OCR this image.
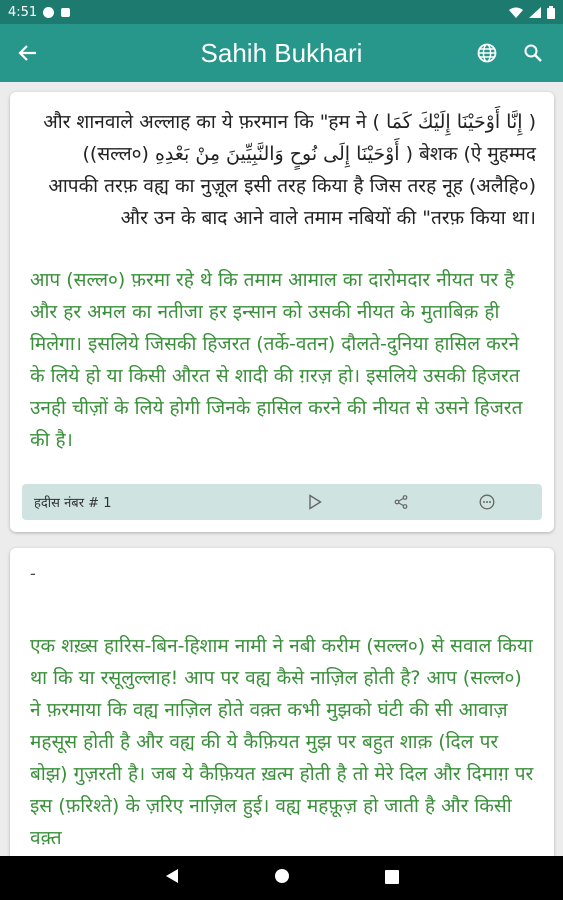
4:51
Sahih Bukhari
( إِنَّا أَوْحَيْنَا إِلَيْكَ كَمَا ) और शानवाले अल्लाह का ये फ़रमान कि "हम ने बेशक (ऐ मुहम्मद ( أَوْحَيْنَا إِلَى نُوحٍ وَالنَّبِيِّينَ مِنْ بَعْدِهِ (सल्ल०)) आपकी तरफ़ वह्य का नुज़ूल इसी तरह किया है जिस तरह नूह (अलैहि०) और उन के बाद आने वाले तमाम नबियों की "तरफ़ किया था।
आप (सल्ल०) फ़रमा रहे थे कि तमाम आमाल का दारोमदार नीयत पर है और हर अमल का नतीजा हर इन्सान को उसकी नीयत के मुताबिक़ ही मिलेगा। इसलिये जिसकी हिजरत (तर्के-वतन) दौलते-दुनिया हासिल करने के लिये हो या किसी औरत से शादी की ग़रज़ हो। इसलिये उसकी हिजरत उनही चीज़ों के लिये होगी जिनके हासिल करने की नीयत से उसने हिजरत की है।
हदीस नंबर # 1
-
एक शख़्स हारिस-बिन-हिशाम नामी ने नबी करीम (सल्ल०) से सवाल किया था कि या रसूलुल्लाह! आप पर वह्य कैसे नाज़िल होती है? आप (सल्ल०) ने फ़रमाया कि वह्य नाज़िल होते वक़्त कभी मुझको घंटी की सी आवाज़ महसूस होती है और वह्य की ये कैफ़ियत मुझ पर बहुत शाक़ (दिल पर बोझ) गुज़रती है। जब ये कैफ़ियत ख़त्म होती है तो मेरे दिल और दिमाग़ पर इस (फ़रिश्ते) के ज़रिए नाज़िल हुई। वह्य महफ़ूज़ हो जाती है और किसी वक़्त
